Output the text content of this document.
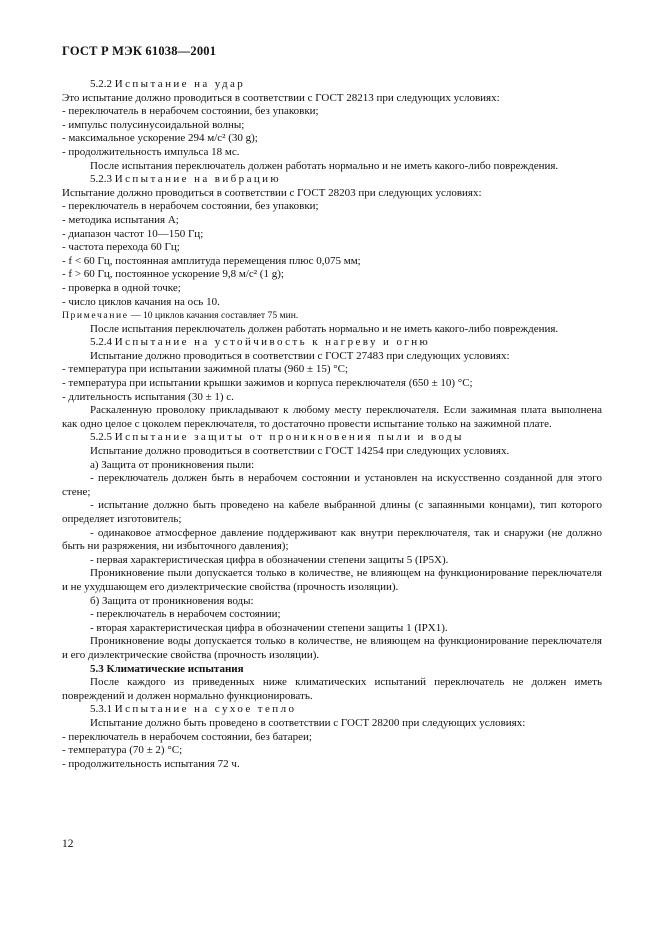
ГОСТ Р МЭК 61038—2001

5.2.2 Испытание на удар

Это испытание должно проводиться в соответствии с ГОСТ 28213 при следующих условиях:

- переключатель в нерабочем состоянии, без упаковки;

- импульс полусинусоидальной волны;

- максимальное ускорение 294 м/с² (30 g);

- продолжительность импульса 18 мс.

После испытания переключатель должен работать нормально и не иметь какого-либо повреждения.

5.2.3 Испытание на вибрацию

Испытание должно проводиться в соответствии с ГОСТ 28203 при следующих условиях:

- переключатель в нерабочем состоянии, без упаковки;

- методика испытания А;

- диапазон частот 10—150 Гц;

- частота перехода 60 Гц;

- f < 60 Гц, постоянная амплитуда перемещения плюс 0,075 мм;

- f > 60 Гц, постоянное ускорение 9,8 м/с² (1 g);

- проверка в одной точке;

- число циклов качания на ось 10.

Примечание — 10 циклов качания составляет 75 мин.

После испытания переключатель должен работать нормально и не иметь какого-либо повреждения.

5.2.4 Испытание на устойчивость к нагреву и огню

Испытание должно проводиться в соответствии с ГОСТ 27483 при следующих условиях:

- температура при испытании зажимной платы (960 ± 15) °С;

- температура при испытании крышки зажимов и корпуса переключателя (650 ± 10) °С;

- длительность испытания (30 ± 1) с.

Раскаленную проволоку прикладывают к любому месту переключателя. Если зажимная плата выполнена как одно целое с цоколем переключателя, то достаточно провести испытание только на зажимной плате.

5.2.5 Испытание защиты от проникновения пыли и воды

Испытание должно проводиться в соответствии с ГОСТ 14254 при следующих условиях.

а) Защита от проникновения пыли:

- переключатель должен быть в нерабочем состоянии и установлен на искусственно созданной для этого стене;

- испытание должно быть проведено на кабеле выбранной длины (с запаянными концами), тип которого определяет изготовитель;

- одинаковое атмосферное давление поддерживают как внутри переключателя, так и снаружи (не должно быть ни разряжения, ни избыточного давления);

- первая характеристическая цифра в обозначении степени защиты 5 (IP5X).

Проникновение пыли допускается только в количестве, не влияющем на функционирование переключателя и не ухудшающем его диэлектрические свойства (прочность изоляции).

б) Защита от проникновения воды:

- переключатель в нерабочем состоянии;

- вторая характеристическая цифра в обозначении степени защиты 1 (IPX1).

Проникновение воды допускается только в количестве, не влияющем на функционирование переключателя и его диэлектрические свойства (прочность изоляции).

5.3 Климатические испытания

После каждого из приведенных ниже климатических испытаний переключатель не должен иметь повреждений и должен нормально функционировать.

5.3.1 Испытание на сухое тепло

Испытание должно быть проведено в соответствии с ГОСТ 28200 при следующих условиях:

- переключатель в нерабочем состоянии, без батареи;

- температура (70 ± 2) °С;

- продолжительность испытания 72 ч.

12
